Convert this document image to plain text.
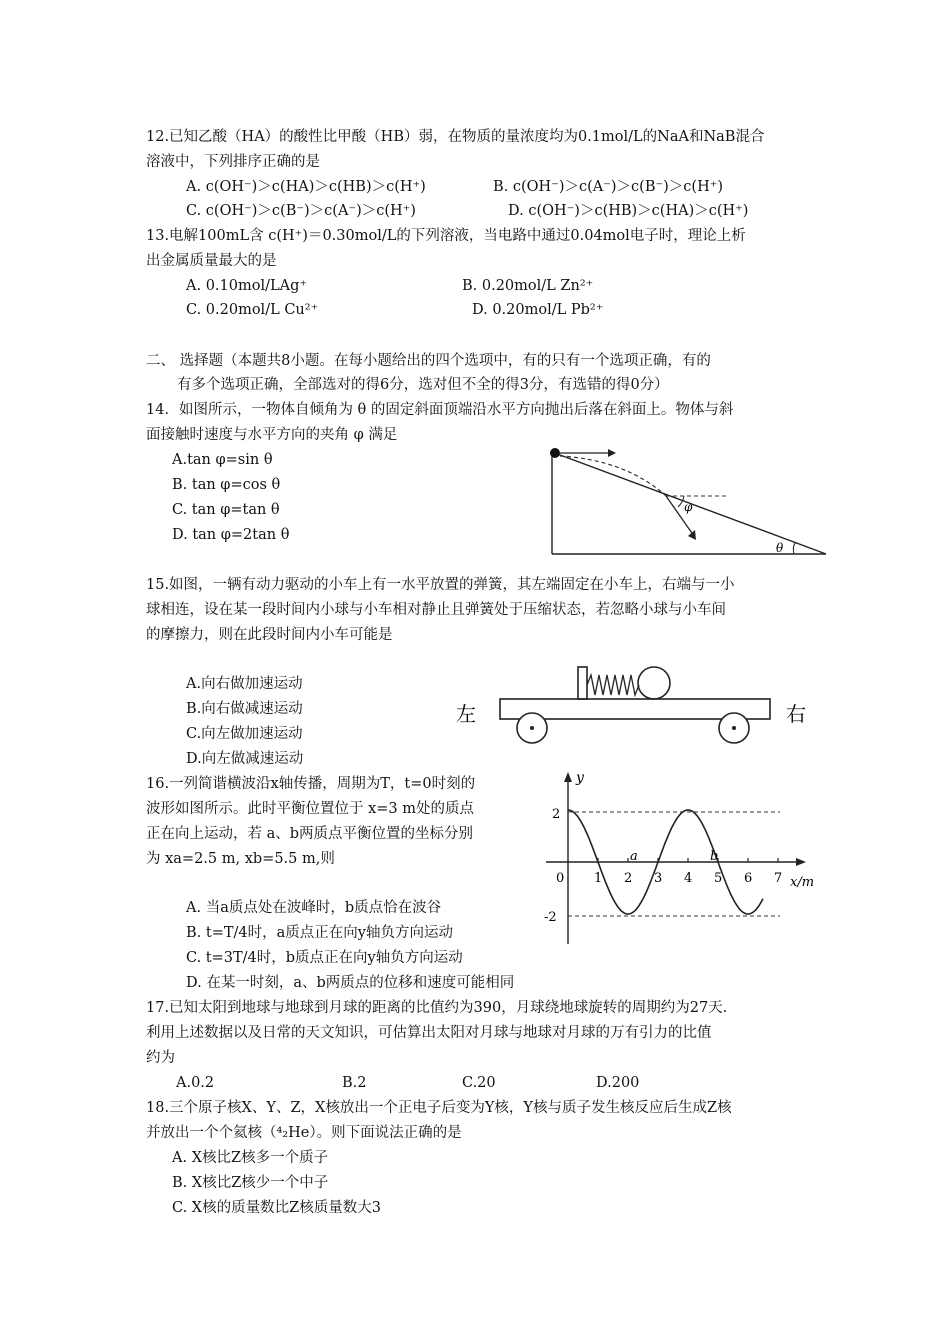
12.已知乙酸（HA）的酸性比甲酸（HB）弱，在物质的量浓度均为0.1mol/L的NaA和NaB混合
溶液中，下列排序正确的是
A. c(OH⁻)＞c(HA)＞c(HB)＞c(H⁺)	B. c(OH⁻)＞c(A⁻)＞c(B⁻)＞c(H⁺)
C. c(OH⁻)＞c(B⁻)＞c(A⁻)＞c(H⁺)	D. c(OH⁻)＞c(HB)＞c(HA)＞c(H⁺)
13.电解100mL含 c(H⁺)＝0.30mol/L的下列溶液，当电路中通过0.04mol电子时，理论上析
出金属质量最大的是
A. 0.10mol/LAg⁺	B. 0.20mol/L Zn²⁺
C. 0.20mol/L Cu²⁺	D. 0.20mol/L Pb²⁺
二、 选择题（本题共8小题。在每小题给出的四个选项中，有的只有一个选项正确，有的
有多个选项正确，全部选对的得6分，选对但不全的得3分，有选错的得0分）
14．如图所示，一物体自倾角为 θ 的固定斜面顶端沿水平方向抛出后落在斜面上。物体与斜
面接触时速度与水平方向的夹角 φ 满足
A.tan φ=sin θ
B. tan φ=cos θ
C. tan φ=tan θ
D. tan φ=2tan θ
φ
θ
15.如图，一辆有动力驱动的小车上有一水平放置的弹簧，其左端固定在小车上，右端与一小
球相连，设在某一段时间内小球与小车相对静止且弹簧处于压缩状态，若忽略小球与小车间
的摩擦力，则在此段时间内小车可能是
A.向右做加速运动
B.向右做减速运动
C.向左做加速运动
D.向左做减速运动
左	右
16.一列简谐横波沿x轴传播，周期为T，t=0时刻的
波形如图所示。此时平衡位置位于 x=3 m处的质点
正在向上运动，若 a、b两质点平衡位置的坐标分别
为 xa=2.5 m, xb=5.5 m,则
A. 当a质点处在波峰时，b质点恰在波谷
B. t=T/4时，a质点正在向y轴负方向运动
C. t=3T/4时，b质点正在向y轴负方向运动
D. 在某一时刻，a、b两质点的位移和速度可能相同
y
x/m
2
-2
0 1 2 3 4 5 6 7
a	b
17.已知太阳到地球与地球到月球的距离的比值约为390，月球绕地球旋转的周期约为27天.
利用上述数据以及日常的天文知识，可估算出太阳对月球与地球对月球的万有引力的比值
约为
A.0.2	B.2	C.20	D.200
18.三个原子核X、Y、Z，X核放出一个正电子后变为Y核，Y核与质子发生核反应后生成Z核
并放出一个个氦核（⁴₂He）。则下面说法正确的是
A. X核比Z核多一个质子
B. X核比Z核少一个中子
C. X核的质量数比Z核质量数大3
